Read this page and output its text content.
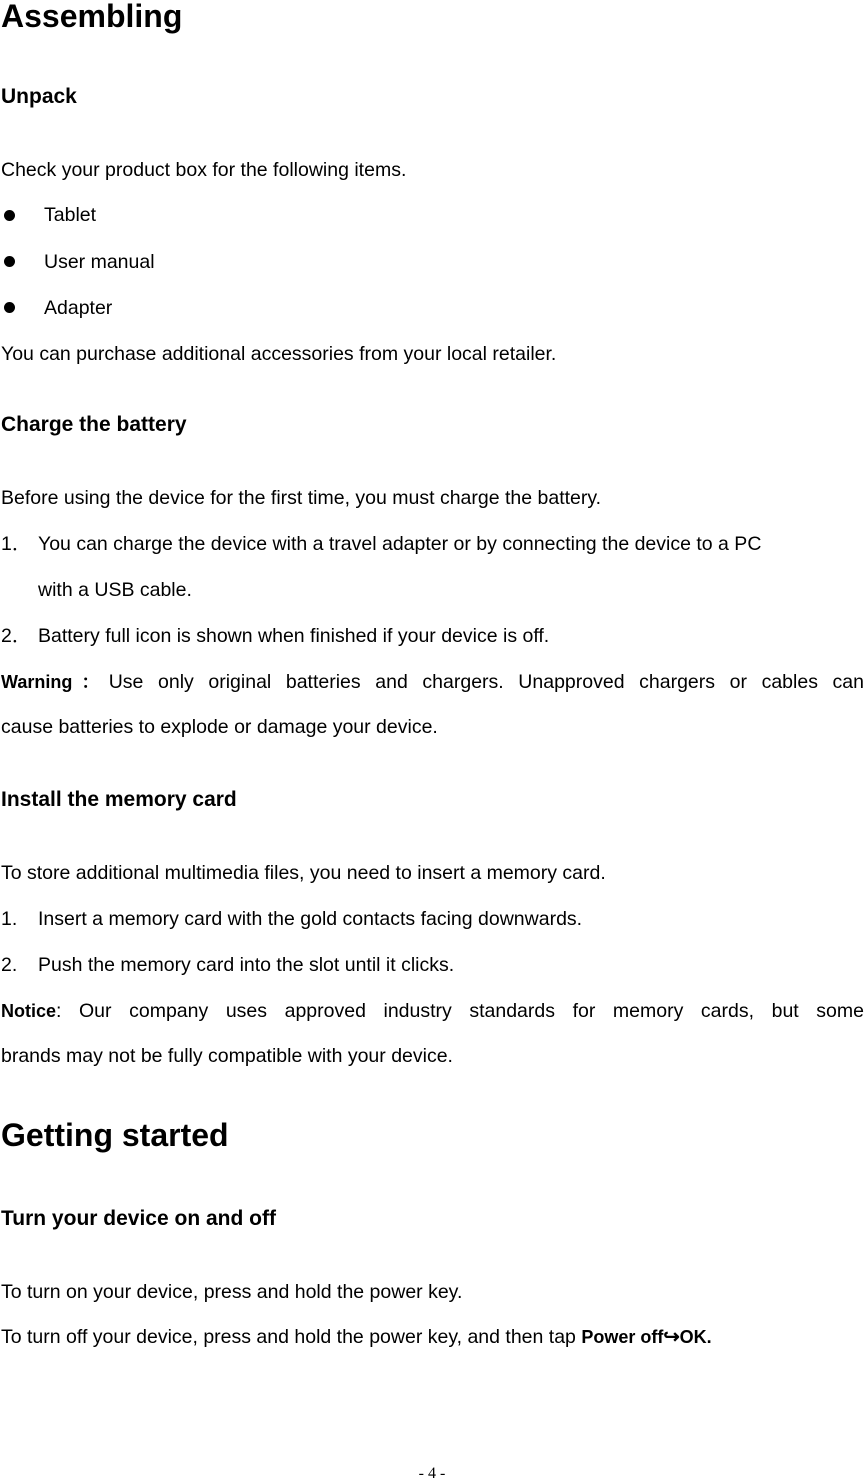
Assembling
Unpack
Check your product box for the following items.
Tablet
User manual
Adapter
You can purchase additional accessories from your local retailer.
Charge the battery
Before using the device for the first time, you must charge the battery.
1． You can charge the device with a travel adapter or by connecting the device to a PC
with a USB cable.
2． Battery full icon is shown when finished if your device is off.
Warning：Use only original batteries and chargers. Unapproved chargers or cables can
cause batteries to explode or damage your device.
Install the memory card
To store additional multimedia files, you need to insert a memory card.
1. Insert a memory card with the gold contacts facing downwards.
2. Push the memory card into the slot until it clicks.
Notice: Our company uses approved industry standards for memory cards, but some
brands may not be fully compatible with your device.
Getting started
Turn your device on and off
To turn on your device, press and hold the power key.
To turn off your device, press and hold the power key, and then tap Power off↪OK.
- 4 -
